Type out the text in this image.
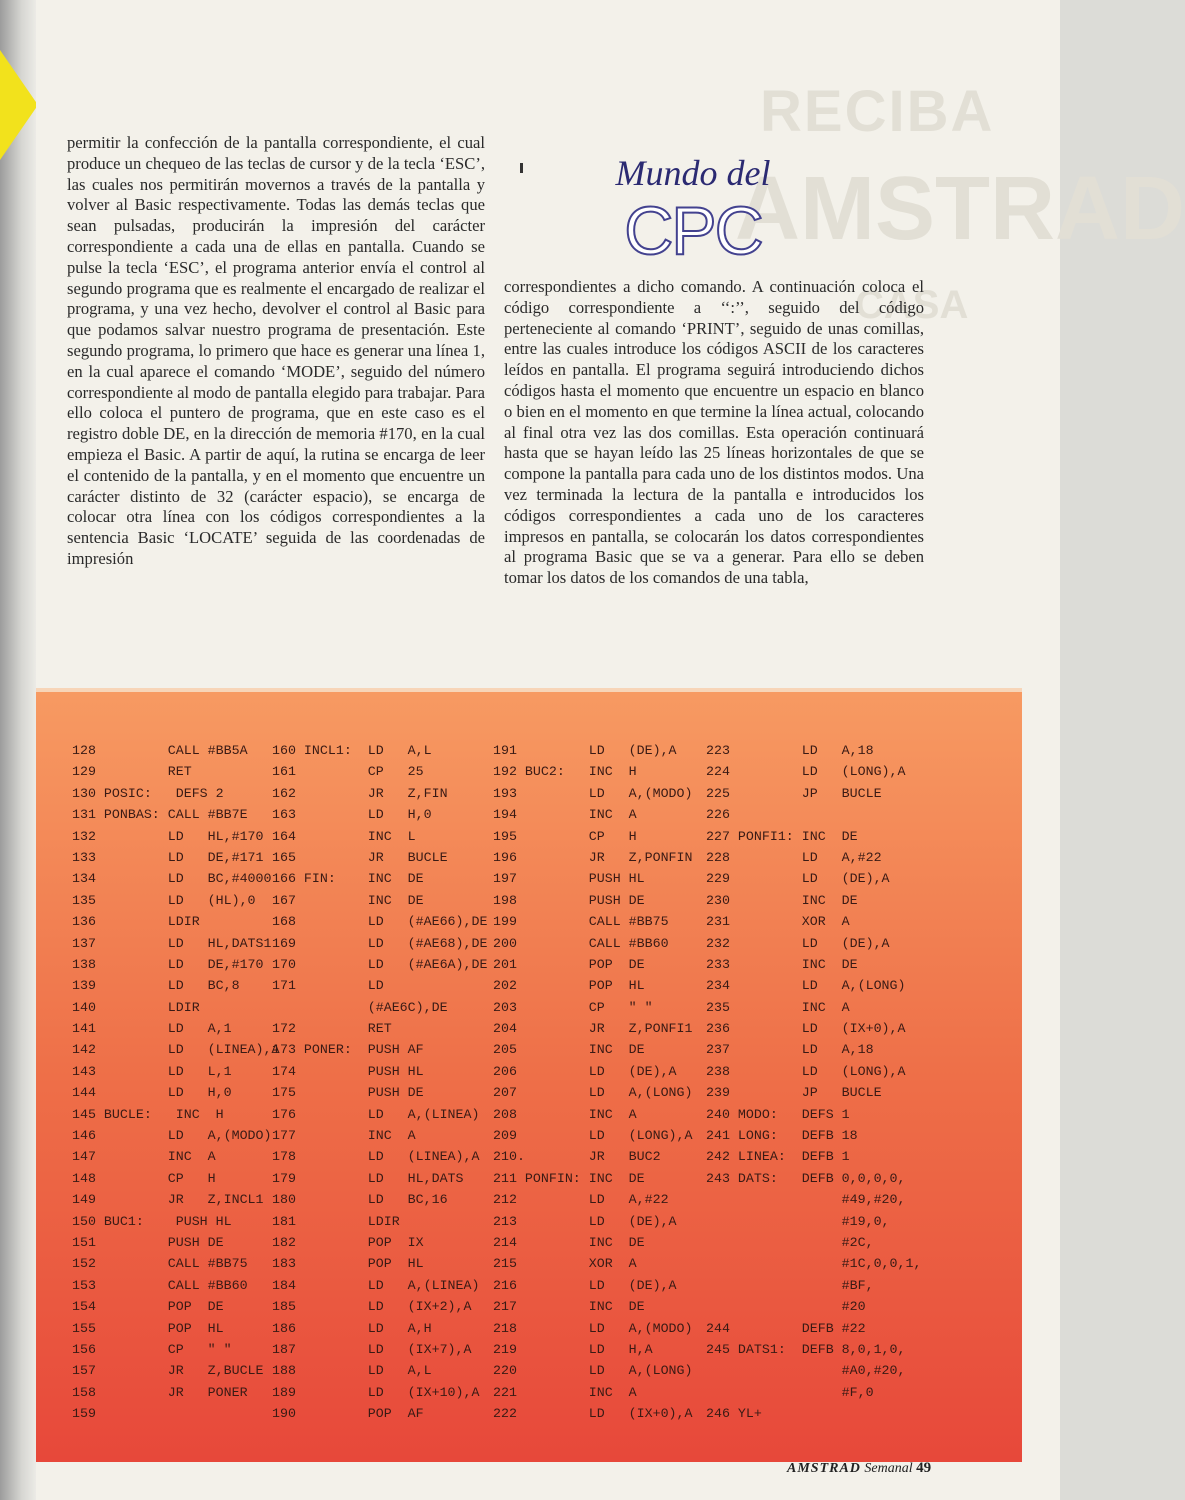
RECIBA
AMSTRAD
CASA
Mundo del
CPC

permitir la confección de la pantalla correspondiente, el cual produce un chequeo de las teclas de cursor y de la tecla ‘ESC’, las cuales nos permitirán movernos a través de la pantalla y volver al Basic respectivamente. Todas las demás teclas que sean pulsadas, producirán la impresión del carácter correspondiente a cada una de ellas en pantalla. Cuando se pulse la tecla ‘ESC’, el programa anterior envía el control al segundo programa que es realmente el encargado de realizar el programa, y una vez hecho, devolver el control al Basic para que podamos salvar nuestro programa de presentación. Este segundo programa, lo primero que hace es generar una línea 1, en la cual aparece el comando ‘MODE’, seguido del número correspondiente al modo de pantalla elegido para trabajar. Para ello coloca el puntero de programa, que en este caso es el registro doble DE, en la dirección de memoria #170, en la cual empieza el Basic. A partir de aquí, la rutina se encarga de leer el contenido de la pantalla, y en el momento que encuentre un carácter distinto de 32 (carácter espacio), se encarga de colocar otra línea con los códigos correspondientes a la sentencia Basic ‘LOCATE’ seguida de las coordenadas de impresión

correspondientes a dicho comando. A continuación coloca el código correspondiente a ‘‘:’’, seguido del código perteneciente al comando ‘PRINT’, seguido de unas comillas, entre las cuales introduce los códigos ASCII de los caracteres leídos en pantalla. El programa seguirá introduciendo dichos códigos hasta el momento que encuentre un espacio en blanco o bien en el momento en que termine la línea actual, colocando al final otra vez las dos comillas. Esta operación continuará hasta que se hayan leído las 25 líneas horizontales de que se compone la pantalla para cada uno de los distintos modos. Una vez terminada la lectura de la pantalla e introducidos los códigos correspondientes a cada uno de los caracteres impresos en pantalla, se colocarán los datos correspondientes al programa Basic que se va a generar. Para ello se deben tomar los datos de los comandos de una tabla,

128         CALL #BB5A
129         RET
130 POSIC:   DEFS 2
131 PONBAS: CALL #BB7E
132         LD   HL,#170
133         LD   DE,#171
134         LD   BC,#4000
135         LD   (HL),0
136         LDIR
137         LD   HL,DATS1
138         LD   DE,#170
139         LD   BC,8
140         LDIR
141         LD   A,1
142         LD   (LINEA),A
143         LD   L,1
144         LD   H,0
145 BUCLE:   INC  H
146         LD   A,(MODO)
147         INC  A
148         CP   H
149         JR   Z,INCL1
150 BUC1:    PUSH HL
151         PUSH DE
152         CALL #BB75
153         CALL #BB60
154         POP  DE
155         POP  HL
156         CP   " "
157         JR   Z,BUCLE
158         JR   PONER
159
160 INCL1:  LD   A,L
161         CP   25
162         JR   Z,FIN
163         LD   H,0
164         INC  L
165         JR   BUCLE
166 FIN:    INC  DE
167         INC  DE
168         LD   (#AE66),DE
169         LD   (#AE68),DE
170         LD   (#AE6A),DE
171         LD
(#AE6C),DE
172         RET
173 PONER:  PUSH AF
174         PUSH HL
175         PUSH DE
176         LD   A,(LINEA)
177         INC  A
178         LD   (LINEA),A
179         LD   HL,DATS
180         LD   BC,16
181         LDIR
182         POP  IX
183         POP  HL
184         LD   A,(LINEA)
185         LD   (IX+2),A
186         LD   A,H
187         LD   (IX+7),A
188         LD   A,L
189         LD   (IX+10),A
190         POP  AF
191         LD   (DE),A
192 BUC2:   INC  H
193         LD   A,(MODO)
194         INC  A
195         CP   H
196         JR   Z,PONFIN
197         PUSH HL
198         PUSH DE
199         CALL #BB75
200         CALL #BB60
201         POP  DE
202         POP  HL
203         CP   " "
204         JR   Z,PONFI1
205         INC  DE
206         LD   (DE),A
207         LD   A,(LONG)
208         INC  A
209         LD   (LONG),A
210.        JR   BUC2
211 PONFIN: INC  DE
212         LD   A,#22
213         LD   (DE),A
214         INC  DE
215         XOR  A
216         LD   (DE),A
217         INC  DE
218         LD   A,(MODO)
219         LD   H,A
220         LD   A,(LONG)
221         INC  A
222         LD   (IX+0),A
223         LD   A,18
224         LD   (LONG),A
225         JP   BUCLE
226
227 PONFI1: INC  DE
228         LD   A,#22
229         LD   (DE),A
230         INC  DE
231         XOR  A
232         LD   (DE),A
233         INC  DE
234         LD   A,(LONG)
235         INC  A
236         LD   (IX+0),A
237         LD   A,18
238         LD   (LONG),A
239         JP   BUCLE
240 MODO:   DEFS 1
241 LONG:   DEFB 18
242 LINEA:  DEFB 1
243 DATS:   DEFB 0,0,0,0,
#49,#20,
#19,0,
#2C,
#1C,0,0,1,
#BF,
#20
244         DEFB #22
245 DATS1:  DEFB 8,0,1,0,
#A0,#20,
#F,0
246 YL+
AMSTRAD Semanal 49
